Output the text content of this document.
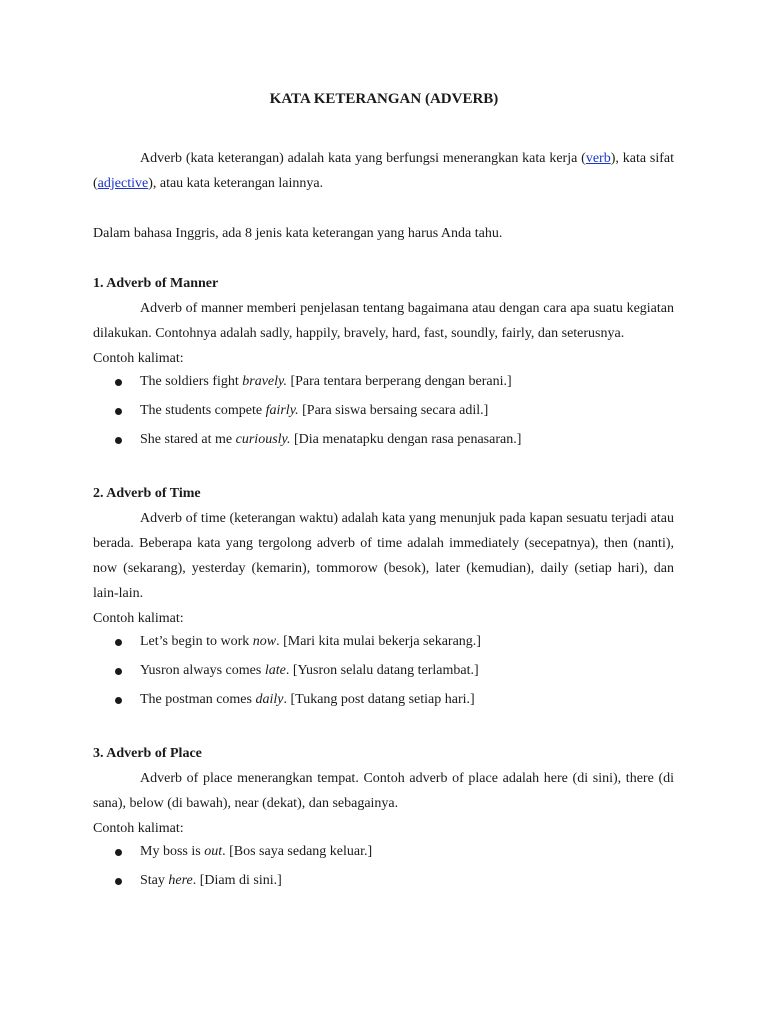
KATA KETERANGAN (ADVERB)

Adverb (kata keterangan) adalah kata yang berfungsi menerangkan kata kerja (verb), kata sifat (adjective), atau kata keterangan lainnya.

Dalam bahasa Inggris, ada 8 jenis kata keterangan yang harus Anda tahu.

1. Adverb of Manner

Adverb of manner memberi penjelasan tentang bagaimana atau dengan cara apa suatu kegiatan dilakukan. Contohnya adalah sadly, happily, bravely, hard, fast, soundly, fairly, dan seterusnya.

Contoh kalimat:

The soldiers fight bravely. [Para tentara berperang dengan berani.]
The students compete fairly. [Para siswa bersaing secara adil.]
She stared at me curiously. [Dia menatapku dengan rasa penasaran.]
2. Adverb of Time

Adverb of time (keterangan waktu) adalah kata yang menunjuk pada kapan sesuatu terjadi atau berada. Beberapa kata yang tergolong adverb of time adalah immediately (secepatnya), then (nanti), now (sekarang), yesterday (kemarin), tommorow (besok), later (kemudian), daily (setiap hari), dan lain-lain.

Contoh kalimat:

Let’s begin to work now. [Mari kita mulai bekerja sekarang.]
Yusron always comes late. [Yusron selalu datang terlambat.]
The postman comes daily. [Tukang post datang setiap hari.]
3. Adverb of Place

Adverb of place menerangkan tempat. Contoh adverb of place adalah here (di sini), there (di sana), below (di bawah), near (dekat), dan sebagainya.

Contoh kalimat:

My boss is out. [Bos saya sedang keluar.]
Stay here. [Diam di sini.]
